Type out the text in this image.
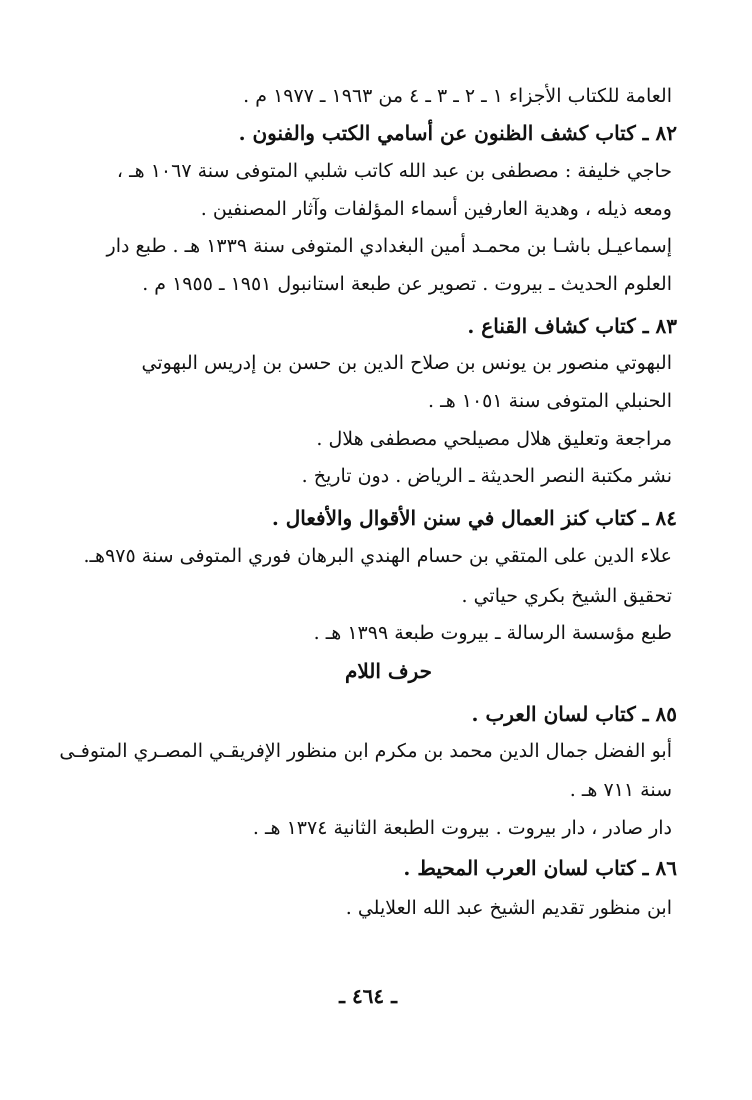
العامة للكتاب الأجزاء ١ ـ ٢ ـ ٣ ـ ٤ من ١٩٦٣ ـ ١٩٧٧ م .
٨٢ ـ كتاب كشف الظنون عن أسامي الكتب والفنون .
حاجي خليفة : مصطفى بن عبد الله كاتب شلبي المتوفى سنة ١٠٦٧ هـ ،
ومعه ذيله ، وهدية العارفين أسماء المؤلفات وآثار المصنفين .
إسماعيـل باشـا بن محمـد أمين البغدادي المتوفى سنة ١٣٣٩ هـ . طبع دار
العلوم الحديث ـ بيروت . تصوير عن طبعة استانبول ١٩٥١ ـ ١٩٥٥ م .
٨٣ ـ كتاب كشاف القناع .
البهوتي منصور بن يونس بن صلاح الدين بن حسن بن إدريس البهوتي
الحنبلي المتوفى سنة ١٠٥١ هـ .
مراجعة وتعليق هلال مصيلحي مصطفى هلال .
نشر مكتبة النصر الحديثة ـ الرياض . دون تاريخ .
٨٤ ـ كتاب كنز العمال في سنن الأقوال والأفعال .
علاء الدين على المتقي بن حسام الهندي البرهان فوري المتوفى سنة ٩٧٥هـ.
تحقيق الشيخ بكري حياتي .
طبع مؤسسة الرسالة ـ بيروت طبعة ١٣٩٩ هـ .
حرف اللام
٨٥ ـ كتاب لسان العرب .
أبو الفضل جمال الدين محمد بن مكرم ابن منظور الإفريقـي المصـري المتوفـى
سنة ٧١١ هـ .
دار صادر ، دار بيروت . بيروت الطبعة الثانية ١٣٧٤ هـ .
٨٦ ـ كتاب لسان العرب المحيط .
ابن منظور تقديم الشيخ عبد الله العلايلي .
ـ ٤٦٤ ـ
